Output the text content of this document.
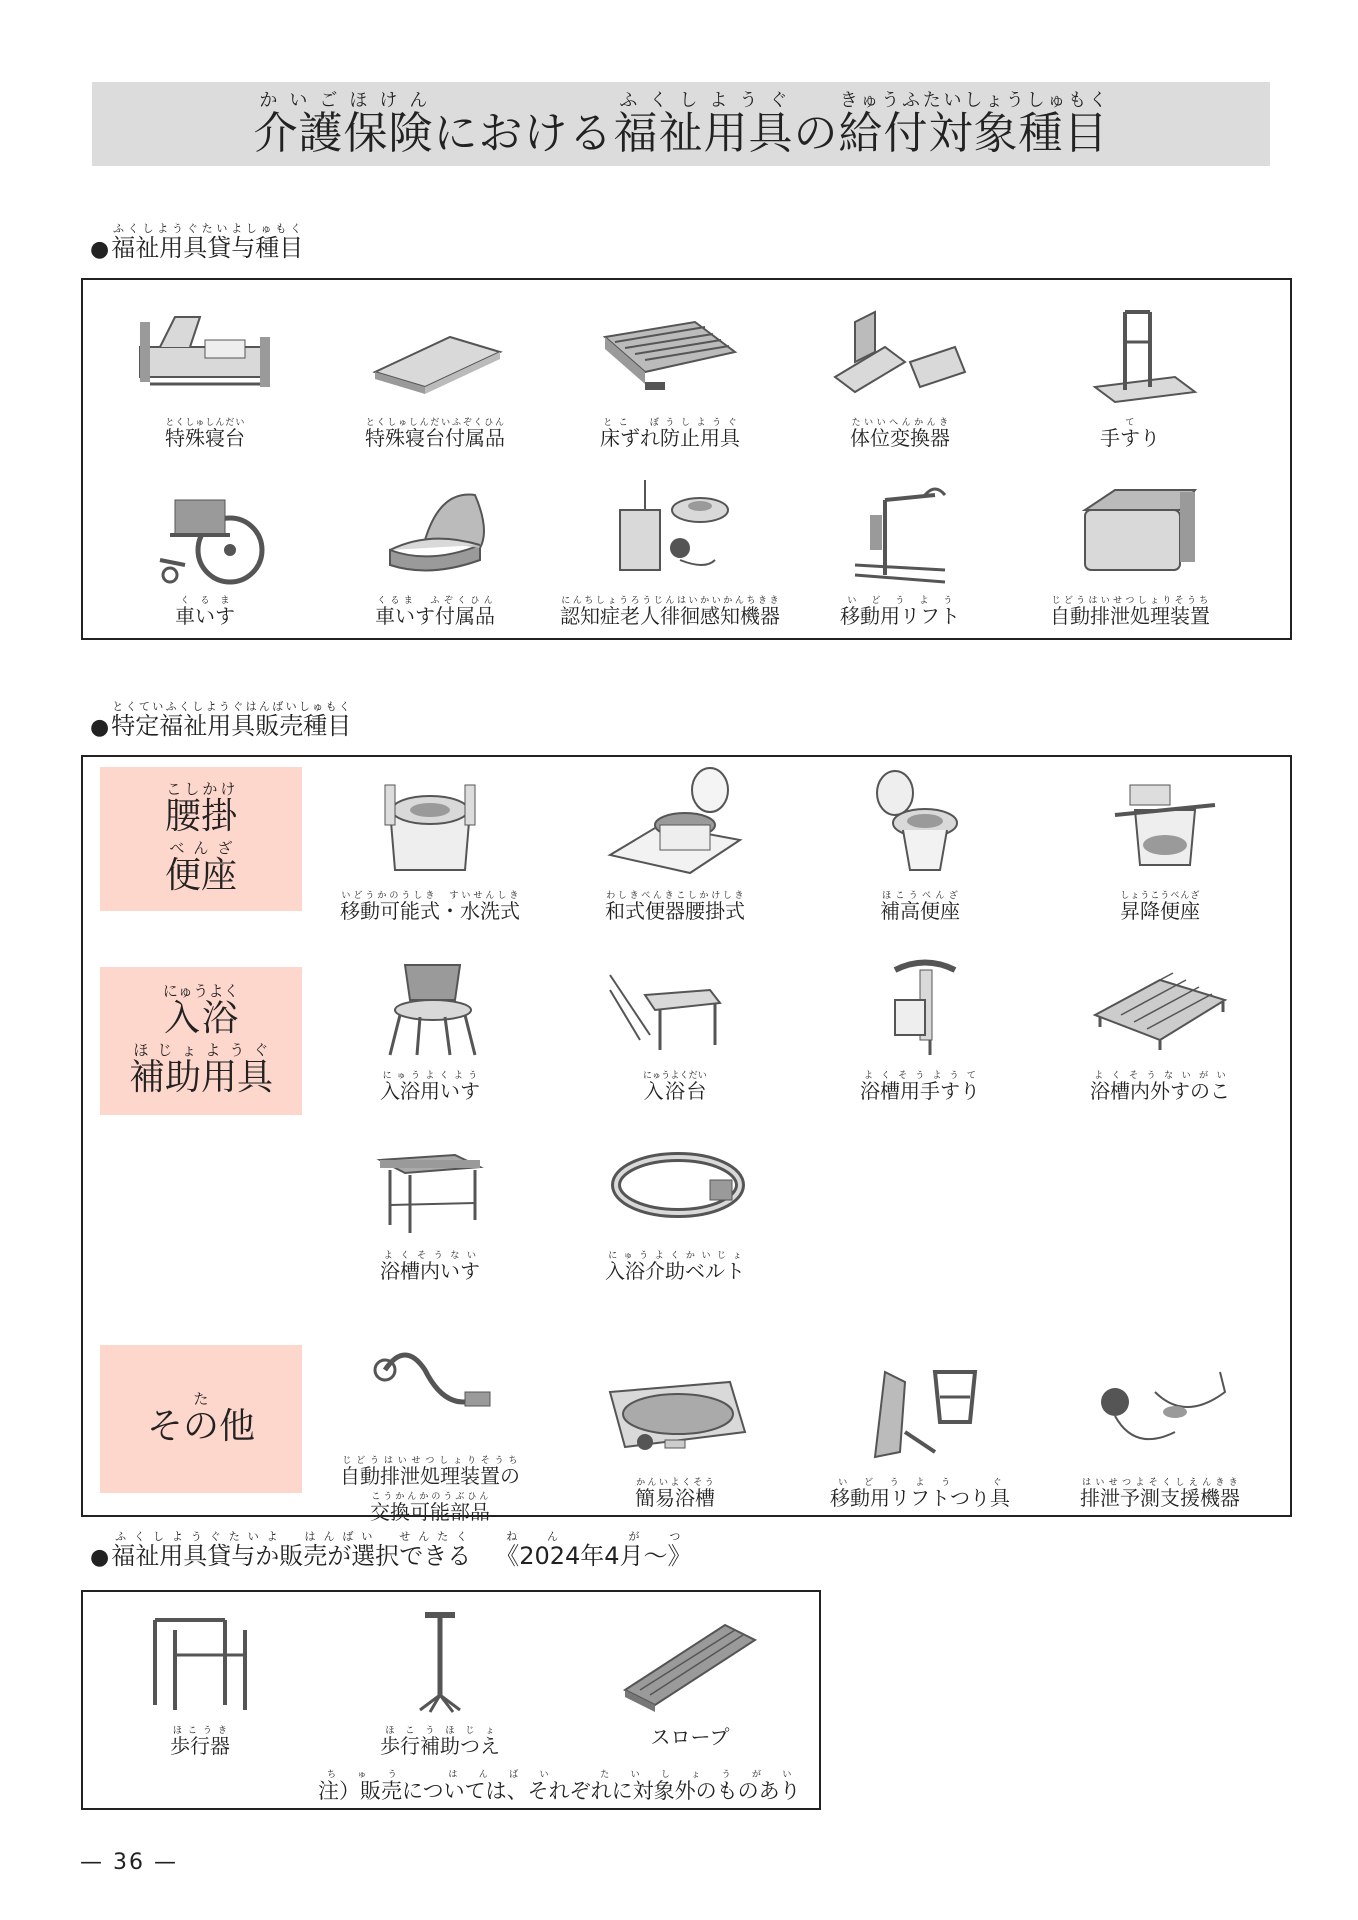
介護保険かいごほけんにおける福祉用具ふくしようぐの給付対象種目きゅうふたいしょうしゅもく
●福祉用具貸与種目ふくしようぐたいよしゅもく
●特定福祉用具販売種目とくていふくしようぐはんばいしゅもく
腰掛こしかけ
便座べんざ
入浴にゅうよく
補助用具ほじょようぐ
その他た
●福祉用具貸与か販売が選択できるふくしようぐたいよ　はんばい　せんたく　《2024年4月～》ねん　がつ
注）販売については、それぞれに対象外のものありちゅう　はんばい　たいしょうがい
— 36 —
特殊寝台とくしゅしんだい
特殊寝台付属品とくしゅしんだいふぞくひん
床ずれ防止用具とこ　ぼうしようぐ
体位変換器たいいへんかんき
手すりて
車いすくるま
車いす付属品くるま　ふぞくひん
認知症老人徘徊感知機器にんちしょうろうじんはいかいかんちきき
移動用リフトいどうよう
自動排泄処理装置じどうはいせつしょりそうち
移動可能式・水洗式いどうかのうしき　すいせんしき
和式便器腰掛式わしきべんきこしかけしき
補高便座ほこうべんざ
昇降便座しょうこうべんざ
入浴用いすにゅうよくよう
入浴台にゅうよくだい
浴槽用手すりよくそうようて
浴槽内外すのこよくそうないがい
浴槽内いすよくそうない
入浴介助ベルトにゅうよくかいじょ
自動排泄処理装置のじどうはいせつしょりそうち
交換可能部品こうかんかのうぶひん	簡易浴槽かんいよくそう
移動用リフトつり具いどうよう　ぐ
排泄予測支援機器はいせつよそくしえんきき
歩行器ほこうき
歩行補助つえほこうほじょ	スロープ
